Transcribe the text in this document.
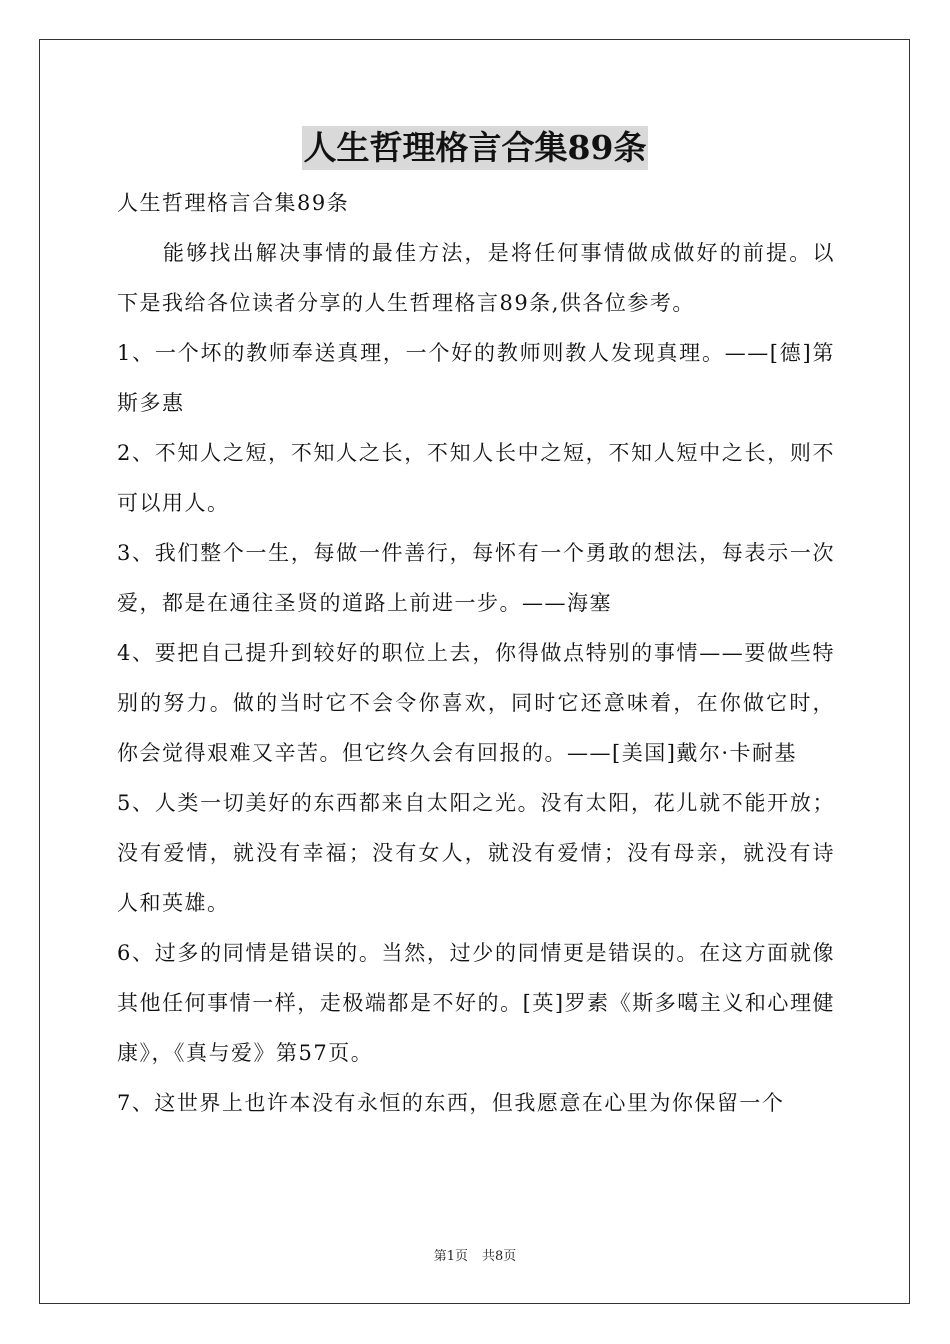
人生哲理格言合集89条

人生哲理格言合集89条

能够找出解决事情的最佳方法，是将任何事情做成做好的前提。以下是我给各位读者分享的人生哲理格言89条,供各位参考。

1、一个坏的教师奉送真理，一个好的教师则教人发现真理。——[德]第斯多惠

2、不知人之短，不知人之长，不知人长中之短，不知人短中之长，则不可以用人。

3、我们整个一生，每做一件善行，每怀有一个勇敢的想法，每表示一次爱，都是在通往圣贤的道路上前进一步。——海塞

4、要把自己提升到较好的职位上去，你得做点特别的事情——要做些特别的努力。做的当时它不会令你喜欢，同时它还意味着，在你做它时，你会觉得艰难又辛苦。但它终久会有回报的。——[美国]戴尔·卡耐基

5、人类一切美好的东西都来自太阳之光。没有太阳，花儿就不能开放；没有爱情，就没有幸福；没有女人，就没有爱情；没有母亲，就没有诗人和英雄。

6、过多的同情是错误的。当然，过少的同情更是错误的。在这方面就像其他任何事情一样，走极端都是不好的。[英]罗素《斯多噶主义和心理健康》，《真与爱》第57页。

7、这世界上也许本没有永恒的东西，但我愿意在心里为你保留一个

第1页 共8页
